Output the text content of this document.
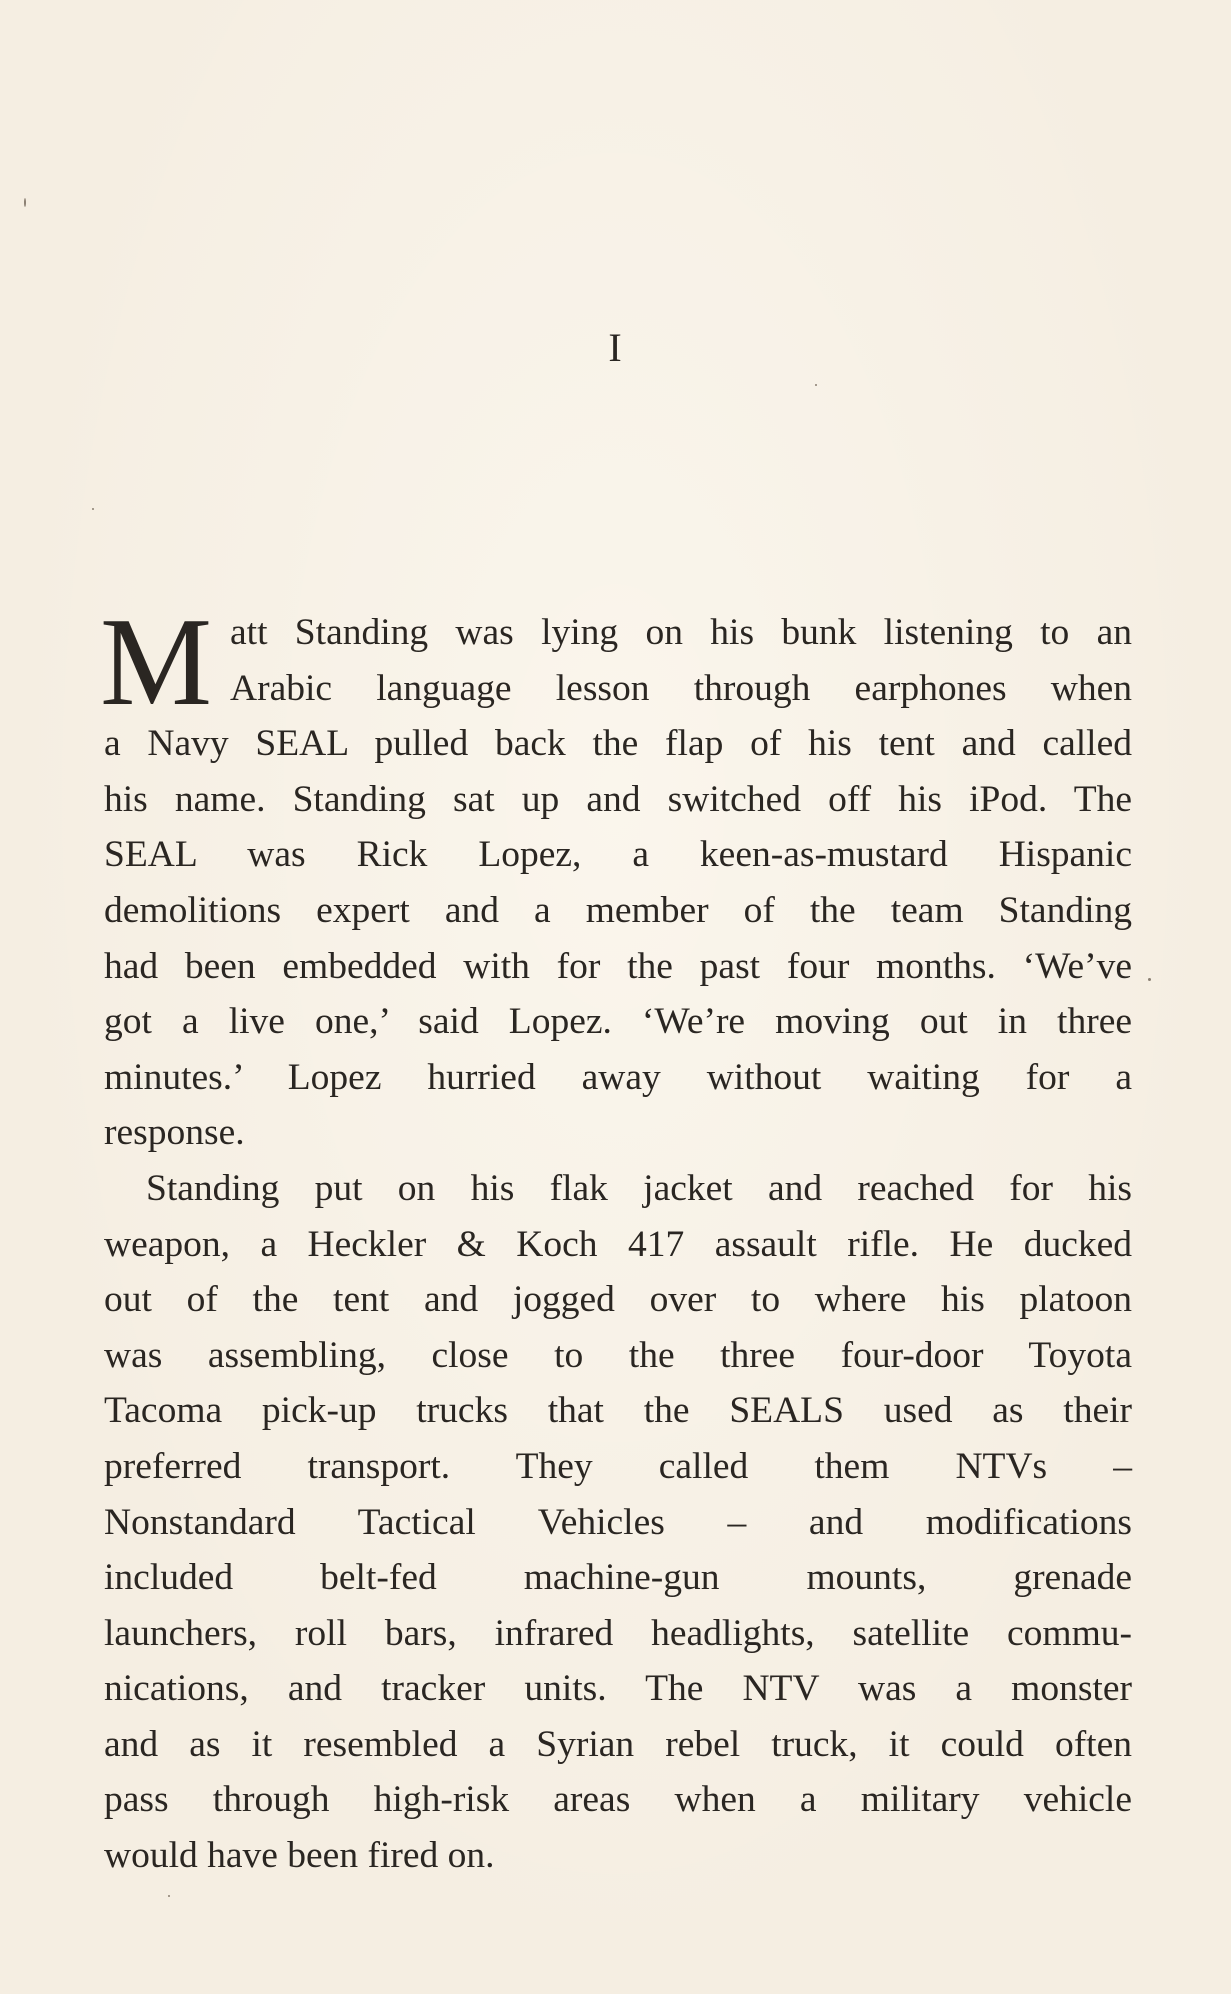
I
M att Standing was lying on his bunk listening to an
Arabic language lesson through earphones when
a Navy SEAL pulled back the flap of his tent and called
his name. Standing sat up and switched off his iPod. The
SEAL was Rick Lopez, a keen-as-mustard Hispanic
demolitions expert and a member of the team Standing
had been embedded with for the past four months. ‘We’ve
got a live one,’ said Lopez. ‘We’re moving out in three
minutes.’ Lopez hurried away without waiting for a
response.
Standing put on his flak jacket and reached for his
weapon, a Heckler & Koch 417 assault rifle. He ducked
out of the tent and jogged over to where his platoon
was assembling, close to the three four-door Toyota
Tacoma pick-up trucks that the SEALS used as their
preferred transport. They called them NTVs –
Nonstandard Tactical Vehicles – and modifications
included belt-fed machine-gun mounts, grenade
launchers, roll bars, infrared headlights, satellite commu-
nications, and tracker units. The NTV was a monster
and as it resembled a Syrian rebel truck, it could often
pass through high-risk areas when a military vehicle
would have been fired on.
